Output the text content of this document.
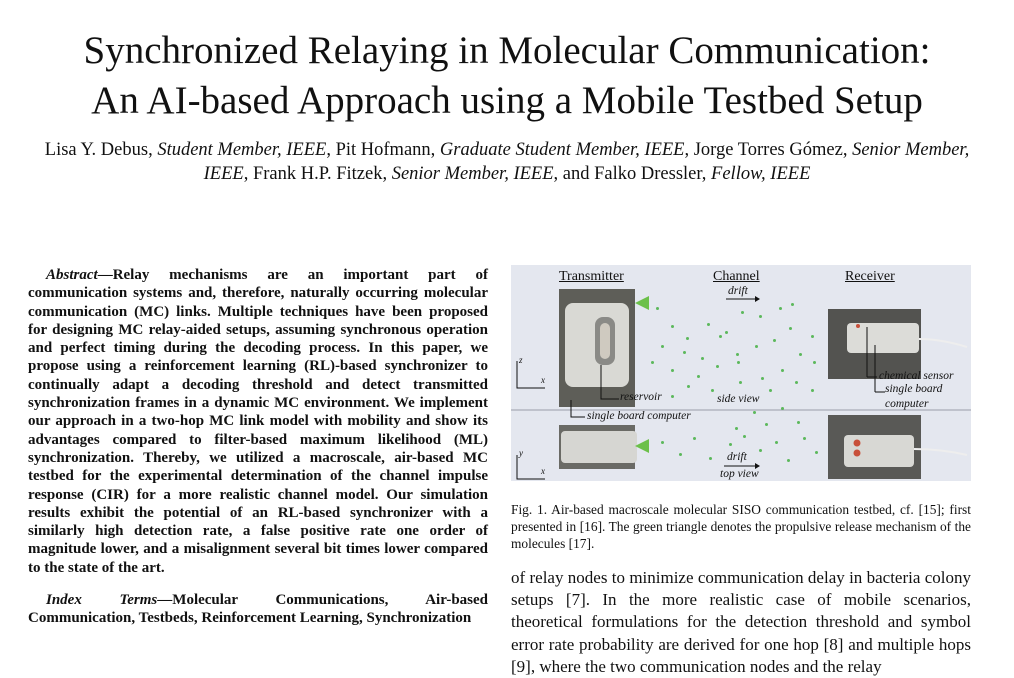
Synchronized Relaying in Molecular Communication:
An AI-based Approach using a Mobile Testbed Setup
Lisa Y. Debus, Student Member, IEEE, Pit Hofmann, Graduate Student Member, IEEE, Jorge Torres Gómez, Senior Member, IEEE, Frank H.P. Fitzek, Senior Member, IEEE, and Falko Dressler, Fellow, IEEE

Abstract—Relay mechanisms are an important part of communication systems and, therefore, naturally occurring molecular communication (MC) links. Multiple techniques have been proposed for designing MC relay-aided setups, assuming synchronous operation and perfect timing during the decoding process. In this paper, we propose using a reinforcement learning (RL)-based synchronizer to continually adapt a decoding threshold and detect transmitted synchronization frames in a dynamic MC environment. We implement our approach in a two-hop MC link model with mobility and show its advantages compared to filter-based maximum likelihood (ML) synchronization. Thereby, we utilized a macroscale, air-based MC testbed for the experimental determination of the channel impulse response (CIR) for a more realistic channel model. Our simulation results exhibit the potential of an RL-based synchronizer with a similarly high detection rate, a false positive rate one order of magnitude lower, and a misalignment several bit times lower compared to the state of the art.

Index Terms—Molecular Communications, Air-based Communication, Testbeds, Reinforcement Learning, Synchronization

Transmitter	Channel	Receiver
drift
reservoir	side view
single board computer
chemical sensor
single board
computer
drift
top view
z
x
y
x
Fig. 1. Air-based macroscale molecular SISO communication testbed, cf. [15]; first presented in [16]. The green triangle denotes the propulsive release mechanism of the molecules [17].
of relay nodes to minimize communication delay in bacteria colony setups [7]. In the more realistic case of mobile scenarios, theoretical formulations for the detection threshold and symbol error rate probability are derived for one hop [8] and multiple hops [9], where the two communication nodes and the relay
